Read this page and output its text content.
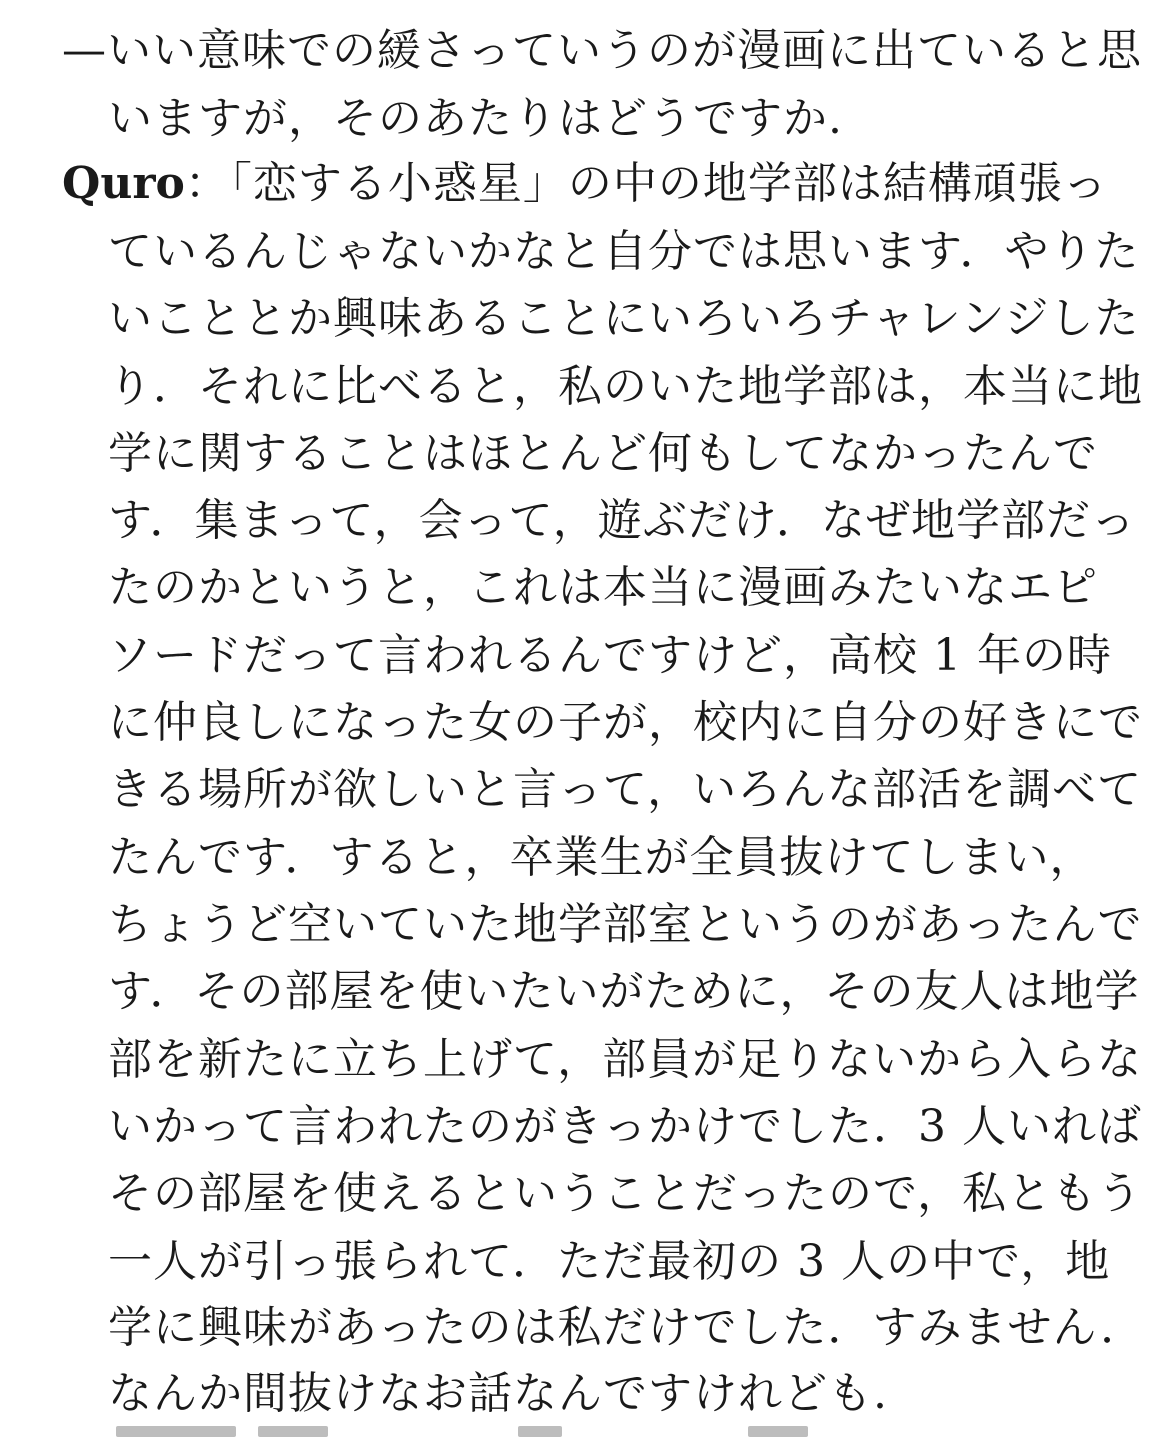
—いい意味での緩さっていうのが漫画に出ていると思

いますが，そのあたりはどうですか.

Quro：「恋する小惑星」の中の地学部は結構頑張っ

ているんじゃないかなと自分では思います．やりた

いこととか興味あることにいろいろチャレンジした

り．それに比べると，私のいた地学部は，本当に地

学に関することはほとんど何もしてなかったんで

す．集まって，会って，遊ぶだけ．なぜ地学部だっ

たのかというと，これは本当に漫画みたいなエピ

ソードだって言われるんですけど，高校 1 年の時

に仲良しになった女の子が，校内に自分の好きにで

きる場所が欲しいと言って，いろんな部活を調べて

たんです．すると，卒業生が全員抜けてしまい，

ちょうど空いていた地学部室というのがあったんで

す．その部屋を使いたいがために，その友人は地学

部を新たに立ち上げて，部員が足りないから入らな

いかって言われたのがきっかけでした．3 人いれば

その部屋を使えるということだったので，私ともう

一人が引っ張られて．ただ最初の 3 人の中で，地

学に興味があったのは私だけでした．すみません．

なんか間抜けなお話なんですけれども.
